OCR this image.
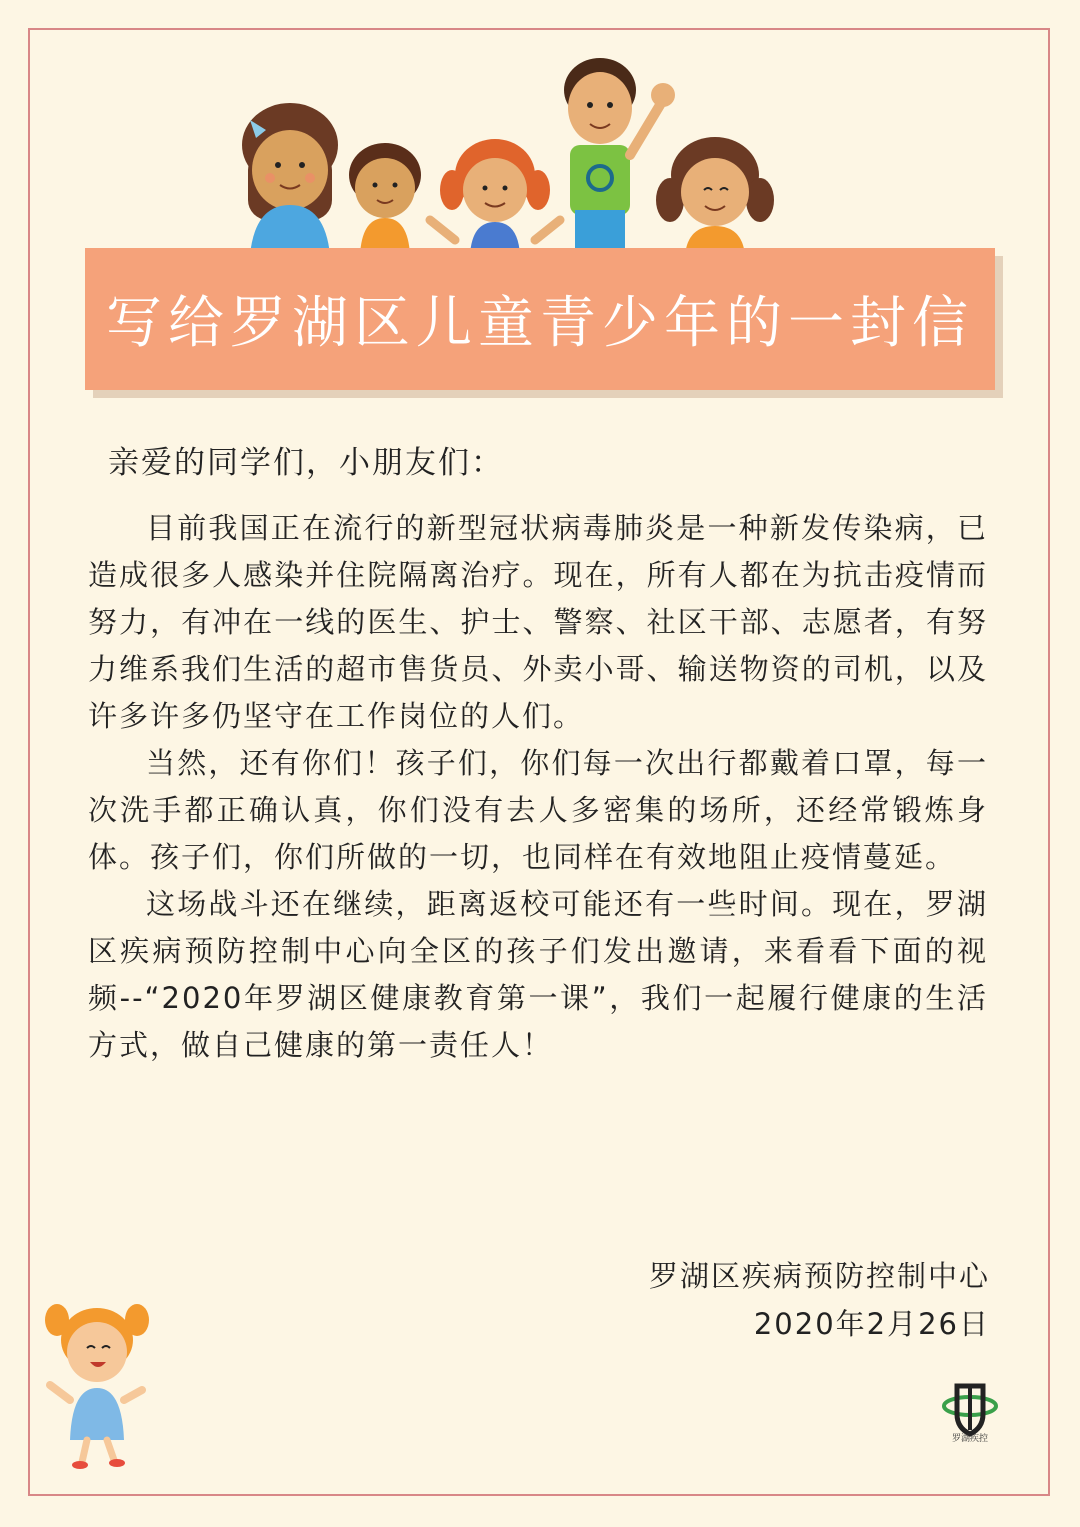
写给罗湖区儿童青少年的一封信

亲爱的同学们，小朋友们：

目前我国正在流行的新型冠状病毒肺炎是一种新发传染病，已造成很多人感染并住院隔离治疗。现在，所有人都在为抗击疫情而努力，有冲在一线的医生、护士、警察、社区干部、志愿者，有努力维系我们生活的超市售货员、外卖小哥、输送物资的司机，以及许多许多仍坚守在工作岗位的人们。

当然，还有你们！孩子们，你们每一次出行都戴着口罩，每一次洗手都正确认真，你们没有去人多密集的场所，还经常锻炼身体。孩子们，你们所做的一切，也同样在有效地阻止疫情蔓延。

这场战斗还在继续，距离返校可能还有一些时间。现在，罗湖区疾病预防控制中心向全区的孩子们发出邀请，来看看下面的视频--“2020年罗湖区健康教育第一课”，我们一起履行健康的生活方式，做自己健康的第一责任人！

罗湖区疾病预防控制中心
2020年2月26日
罗湖疾控
